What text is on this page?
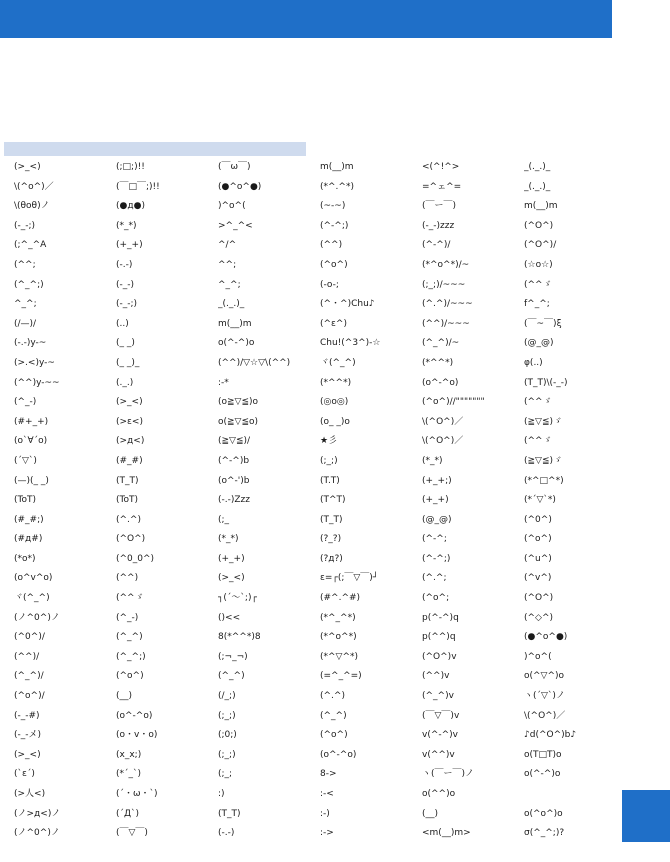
(>_<)	(;□;)!!	(￣ω￣)	m(__)m	<(^!^>	_(._.)_
\(^o^)／	(￣□￣;)!!	(●^o^●)	(*^.^*)	=^ェ^=	_(._.)_
\(θoθ)ノ	(●д●)	)^o^(	(~-~)	(￣ー￣)	m(__)m
(-_-;)	(*_*)	>^_^<	(^-^;)	(-_-)zzz	(^O^)
(;^_^A	(+_+)	^/^	(^^)	(^-^)/	(^O^)/
(^^;	(-.-)	^^;	(^o^)	(*^o^*)/~	(☆o☆)
(^_^;)	(-_-)	^_^;	(-o-;	(;_;)/~~~	(^^ゞ
^_^;	(-_-;)	_(._.)_	(^・^)Chu♪	(^.^)/~~~	f^_^;
(/—)/	(..)	m(__)m	(^ε^)	(^^)/~~~	(￣~￣)ξ
(-.-)y-~	(_ _)	o(^-^)o	Chu!(^3^)-☆	(^_^)/~	(@_@)
(>.<)y-~	(_ _)_	(^^)/▽☆▽\(^^)	ヾ(^_^)	(*^^*)	φ(..)
(^^)y-~~	(._.)	:-*	(*^^*)	(o^-^o)	(T_T)\(-_-)
(^_-)	(>_<)	(o≧▽≦)o	(◎o◎)	(^o^)//"""""""	(^^ゞ
(#+_+)	(>ε<)	o(≧▽≦o)	(o_ _)o	\(^O^)／	(≧▽≦)ゞ
(o`∀´o)	(>д<)	(≧▽≦)/	★彡	\(^O^)／	(^^ゞ
(´▽`)	(#_#)	(^-^)b	(;_;)	(*_*)	(≧▽≦)ゞ
(—)(_ _)	(T_T)	(o^-')b	(T.T)	(+_+;)	(*^□^*)
(ToT)	(ToT)	(-.-)Zzz	(T^T)	(+_+)	(*´▽`*)
(#_#;)	(^.^)	(;_	(T_T)	(@_@)	(^0^)
(#д#)	(^O^)	(*_*)	(?_?)	(^-^;	(^o^)
(*o*)	(^0_0^)	(+_+)	(?д?)	(^-^;)	(^u^)
(o^v^o)	(^^)	(>_<)	ε=┌(;￣▽￣)┘	(^.^;	(^v^)
ヾ(^_^)	(^^ゞ	┐(´～`;)┌	(#^.^#)	(^o^;	(^O^)
(ノ^0^)ノ	(^_-)	()<<	(*^_^*)	p(^-^)q	(^◇^)
(^0^)/	(^_^)	8(*^^*)8	(*^o^*)	p(^^)q	(●^o^●)
(^^)/	(^_^;)	(;¬_¬)	(*^▽^*)	(^O^)v	)^o^(
(^_^)/	(^o^)	(^_^)	(=^_^=)	(^^)v	o(^▽^)o
(^o^)/	(__)	(/_;)	(^.^)	(^_^)v	ヽ(´▽`)ノ
(-_-#)	(o^-^o)	(;_;)	(^_^)	(￣▽￣)v	\(^O^)／
(-_-メ)	(o・v・o)	(;0;)	(^o^)	v(^-^)v	♪d(^O^)b♪
(>_<)	(x_x;)	(;_;)	(o^-^o)	v(^^)v	o(T□T)o
(`ε´)	(*´_`)	(;_;	8->	ヽ(￣ー￣)ノ	o(^-^)o
(>人<)	(´・ω・`)	:)	:-<	o(^^)o
(ノ>д<)ノ	(´Д`)	(T_T)	:-)	(__)	o(^o^)o
(ノ^0^)ノ	(￣▽￣)	(-.-)	:->	<m(__)m>	σ(^_^;)?
